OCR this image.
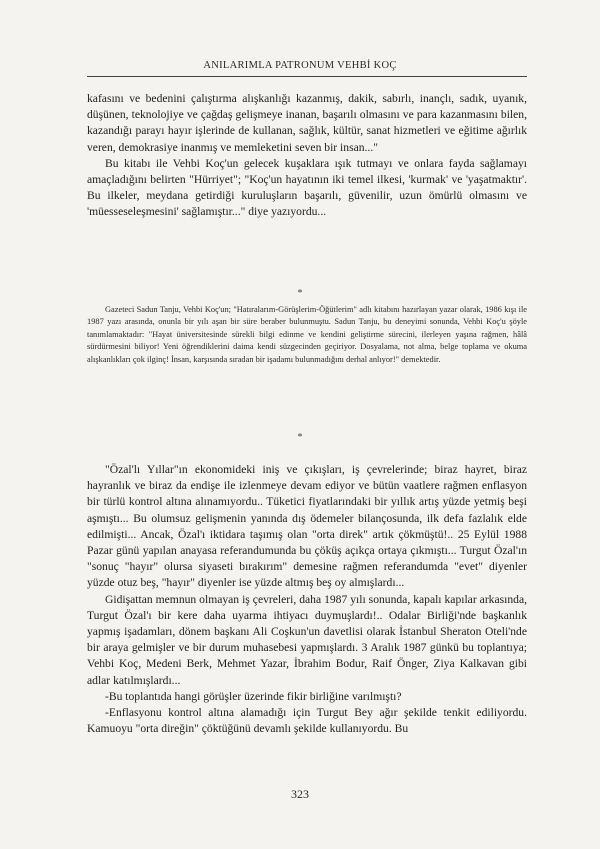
ANILARIMLA PATRONUM VEHBİ KOÇ

kafasını ve bedenini çalıştırma alışkanlığı kazanmış, dakik, sabırlı, inançlı, sadık, uyanık, düşünen, teknolojiye ve çağdaş gelişmeye inanan, başarılı olmasını ve para kazanmasını bilen, kazandığı parayı hayır işlerinde de kullanan, sağlık, kültür, sanat hizmetleri ve eğitime ağırlık veren, demokrasiye inanmış ve memleketini seven bir insan..."

Bu kitabı ile Vehbi Koç'un gelecek kuşaklara ışık tutmayı ve onlara fayda sağlamayı amaçladığını belirten "Hürriyet"; "Koç'un hayatının iki temel ilkesi, 'kurmak' ve 'yaşatmaktır'. Bu ilkeler, meydana getirdiği kuruluşların başarılı, güvenilir, uzun ömürlü olmasını ve 'müesseseleşmesini' sağlamıştır..." diye yazıyordu...

*

Gazeteci Sadun Tanju, Vehbi Koç'un; "Hatıralarım-Görüşlerim-Öğütlerim" adlı kitabını hazırlayan yazar olarak, 1986 kışı ile 1987 yazı arasında, onunla bir yılı aşan bir süre beraber bulunmuştu. Sadun Tanju, bu deneyimi sonunda, Vehbi Koç'u şöyle tanımlamaktadır: "Hayat üniversitesinde sürekli bilgi edinme ve kendini geliştirme sürecini, ilerleyen yaşına rağmen, hâlâ sürdürmesini biliyor! Yeni öğrendiklerini daima kendi süzgecinden geçiriyor. Dosyalama, not alma, belge toplama ve okuma alışkanlıkları çok ilginç! İnsan, karşısında sıradan bir işadamı bulunmadığını derhal anlıyor!" demektedir.

*

"Özal'lı Yıllar"ın ekonomideki iniş ve çıkışları, iş çevrelerinde; biraz hayret, biraz hayranlık ve biraz da endişe ile izlenmeye devam ediyor ve bütün vaatlere rağmen enflasyon bir türlü kontrol altına alınamıyordu.. Tüketici fiyatlarındaki bir yıllık artış yüzde yetmiş beşi aşmıştı... Bu olumsuz gelişmenin yanında dış ödemeler bilançosunda, ilk defa fazlalık elde edilmişti... Ancak, Özal'ı iktidara taşımış olan "orta direk" artık çökmüştü!.. 25 Eylül 1988 Pazar günü yapılan anayasa referandumunda bu çöküş açıkça ortaya çıkmıştı... Turgut Özal'ın "sonuç "hayır" olursa siyaseti bırakırım" demesine rağmen referandumda "evet" diyenler yüzde otuz beş, "hayır" diyenler ise yüzde altmış beş oy almışlardı...

Gidişattan memnun olmayan iş çevreleri, daha 1987 yılı sonunda, kapalı kapılar arkasında, Turgut Özal'ı bir kere daha uyarma ihtiyacı duymuşlardı!.. Odalar Birliği'nde başkanlık yapmış işadamları, dönem başkanı Ali Coşkun'un davetlisi olarak İstanbul Sheraton Oteli'nde bir araya gelmişler ve bir durum muhasebesi yapmışlardı. 3 Aralık 1987 günkü bu toplantıya; Vehbi Koç, Medeni Berk, Mehmet Yazar, İbrahim Bodur, Raif Önger, Ziya Kalkavan gibi adlar katılmışlardı...

-Bu toplantıda hangi görüşler üzerinde fikir birliğine varılmıştı?

-Enflasyonu kontrol altına alamadığı için Turgut Bey ağır şekilde tenkit ediliyordu. Kamuoyu "orta direğin" çöktüğünü devamlı şekilde kullanıyordu. Bu

323
